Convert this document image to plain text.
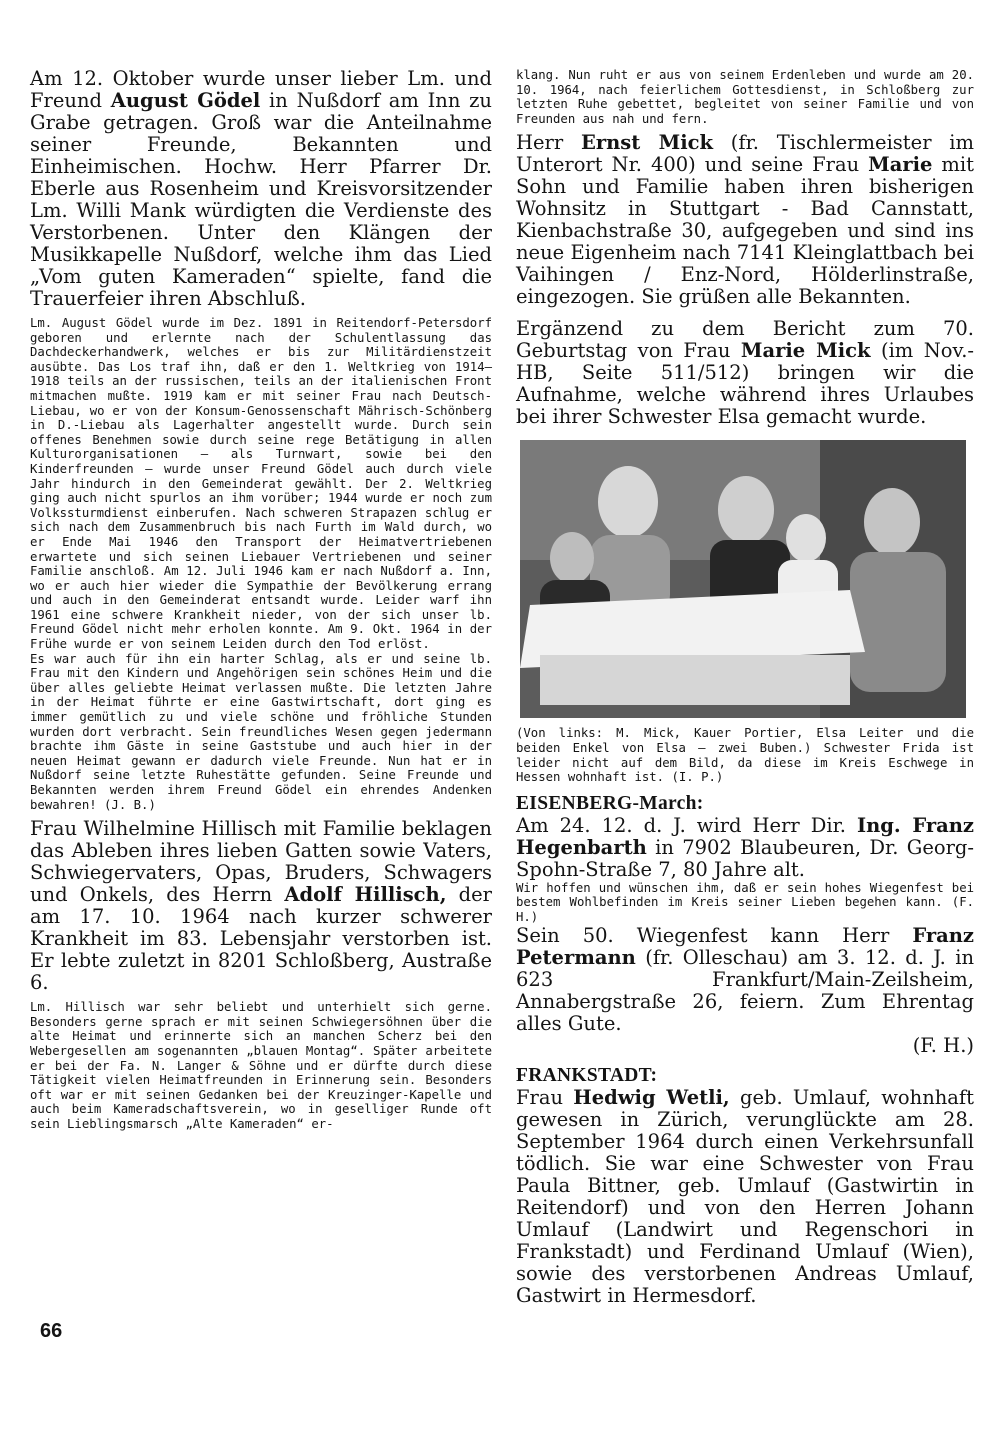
Am 12. Oktober wurde unser lieber Lm. und Freund August Gödel in Nußdorf am Inn zu Grabe getragen. Groß war die Anteilnahme seiner Freunde, Bekannten und Einheimischen. Hochw. Herr Pfarrer Dr. Eberle aus Rosenheim und Kreisvorsitzender Lm. Willi Mank würdigten die Verdienste des Verstorbenen. Unter den Klängen der Musikkapelle Nußdorf, welche ihm das Lied „Vom guten Kameraden“ spielte, fand die Trauerfeier ihren Abschluß.

Lm. August Gödel wurde im Dez. 1891 in Reitendorf-Petersdorf geboren und erlernte nach der Schulentlassung das Dachdeckerhandwerk, welches er bis zur Militärdienstzeit ausübte. Das Los traf ihn, daß er den 1. Weltkrieg von 1914—1918 teils an der russischen, teils an der italienischen Front mitmachen mußte. 1919 kam er mit seiner Frau nach Deutsch-Liebau, wo er von der Konsum-Genossenschaft Mährisch-Schönberg in D.-Liebau als Lagerhalter angestellt wurde. Durch sein offenes Benehmen sowie durch seine rege Betätigung in allen Kulturorganisationen — als Turnwart, sowie bei den Kinderfreunden — wurde unser Freund Gödel auch durch viele Jahr hindurch in den Gemeinderat gewählt. Der 2. Weltkrieg ging auch nicht spurlos an ihm vorüber; 1944 wurde er noch zum Volkssturmdienst einberufen. Nach schweren Strapazen schlug er sich nach dem Zusammenbruch bis nach Furth im Wald durch, wo er Ende Mai 1946 den Transport der Heimatvertriebenen erwartete und sich seinen Liebauer Vertriebenen und seiner Familie anschloß. Am 12. Juli 1946 kam er nach Nußdorf a. Inn, wo er auch hier wieder die Sympathie der Bevölkerung errang und auch in den Gemeinderat entsandt wurde. Leider warf ihn 1961 eine schwere Krankheit nieder, von der sich unser lb. Freund Gödel nicht mehr erholen konnte. Am 9. Okt. 1964 in der Frühe wurde er von seinem Leiden durch den Tod erlöst.

Es war auch für ihn ein harter Schlag, als er und seine lb. Frau mit den Kindern und Angehörigen sein schönes Heim und die über alles geliebte Heimat verlassen mußte. Die letzten Jahre in der Heimat führte er eine Gastwirtschaft, dort ging es immer gemütlich zu und viele schöne und fröhliche Stunden wurden dort verbracht. Sein freundliches Wesen gegen jedermann brachte ihm Gäste in seine Gaststube und auch hier in der neuen Heimat gewann er dadurch viele Freunde. Nun hat er in Nußdorf seine letzte Ruhestätte gefunden. Seine Freunde und Bekannten werden ihrem Freund Gödel ein ehrendes Andenken bewahren! (J. B.)

Frau Wilhelmine Hillisch mit Familie beklagen das Ableben ihres lieben Gatten sowie Vaters, Schwiegervaters, Opas, Bruders, Schwagers und Onkels, des Herrn Adolf Hillisch, der am 17. 10. 1964 nach kurzer schwerer Krankheit im 83. Lebensjahr verstorben ist. Er lebte zuletzt in 8201 Schloßberg, Austraße 6.

Lm. Hillisch war sehr beliebt und unterhielt sich gerne. Besonders gerne sprach er mit seinen Schwiegersöhnen über die alte Heimat und erinnerte sich an manchen Scherz bei den Webergesellen am sogenannten „blauen Montag“. Später arbeitete er bei der Fa. N. Langer & Söhne und er dürfte durch diese Tätigkeit vielen Heimatfreunden in Erinnerung sein. Besonders oft war er mit seinen Gedanken bei der Kreuzinger-Kapelle und auch beim Kameradschaftsverein, wo in geselliger Runde oft sein Lieblingsmarsch „Alte Kameraden“ er-

klang. Nun ruht er aus von seinem Erdenleben und wurde am 20. 10. 1964, nach feierlichem Gottesdienst, in Schloßberg zur letzten Ruhe gebettet, begleitet von seiner Familie und von Freunden aus nah und fern.

Herr Ernst Mick (fr. Tischlermeister im Unterort Nr. 400) und seine Frau Marie mit Sohn und Familie haben ihren bisherigen Wohnsitz in Stuttgart - Bad Cannstatt, Kienbachstraße 30, aufgegeben und sind ins neue Eigenheim nach 7141 Kleinglattbach bei Vaihingen / Enz-Nord, Hölderlinstraße, eingezogen. Sie grüßen alle Bekannten.

Ergänzend zu dem Bericht zum 70. Geburtstag von Frau Marie Mick (im Nov.-HB, Seite 511/512) bringen wir die Aufnahme, welche während ihres Urlaubes bei ihrer Schwester Elsa gemacht wurde.

(Von links: M. Mick, Kauer Portier, Elsa Leiter und die beiden Enkel von Elsa — zwei Buben.) Schwester Frida ist leider nicht auf dem Bild, da diese im Kreis Eschwege in Hessen wohnhaft ist. (I. P.)

EISENBERG-March:

Am 24. 12. d. J. wird Herr Dir. Ing. Franz Hegenbarth in 7902 Blaubeuren, Dr. Georg-Spohn-Straße 7, 80 Jahre alt.

Wir hoffen und wünschen ihm, daß er sein hohes Wiegenfest bei bestem Wohlbefinden im Kreis seiner Lieben begehen kann. (F. H.)

Sein 50. Wiegenfest kann Herr Franz Petermann (fr. Olleschau) am 3. 12. d. J. in 623 Frankfurt/Main-Zeilsheim, Annabergstraße 26, feiern. Zum Ehrentag alles Gute.

(F. H.)

FRANKSTADT:

Frau Hedwig Wetli, geb. Umlauf, wohnhaft gewesen in Zürich, verunglückte am 28. September 1964 durch einen Verkehrsunfall tödlich. Sie war eine Schwester von Frau Paula Bittner, geb. Umlauf (Gastwirtin in Reitendorf) und von den Herren Johann Umlauf (Landwirt und Regenschori in Frankstadt) und Ferdinand Umlauf (Wien), sowie des verstorbenen Andreas Umlauf, Gastwirt in Hermesdorf.

66
